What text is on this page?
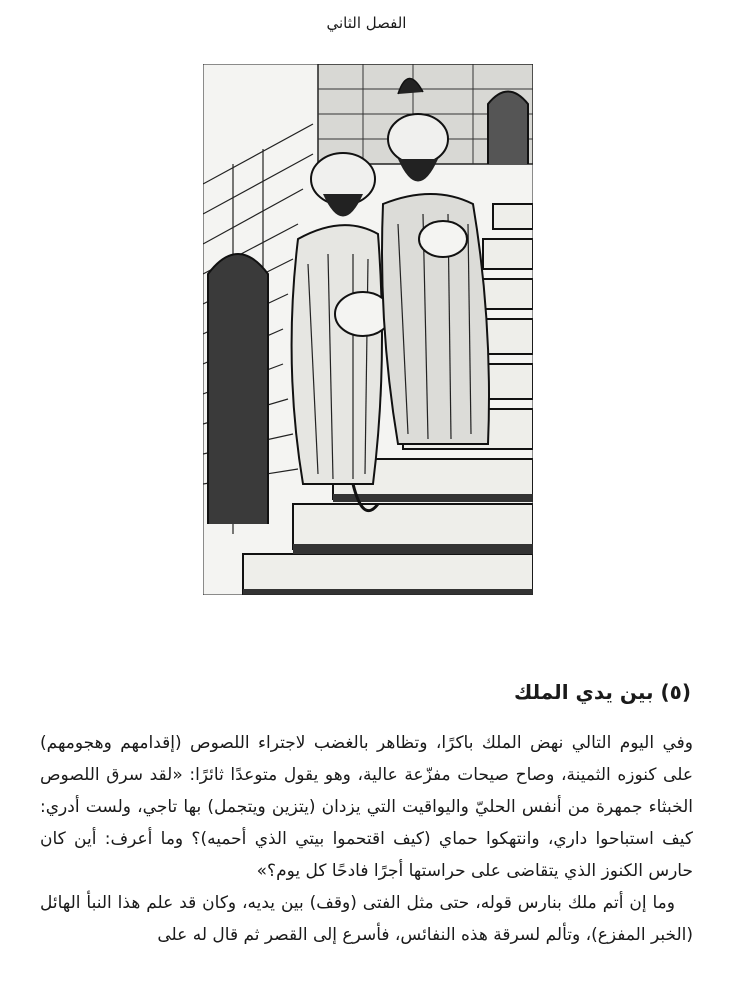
الفصل الثاني
(٥) بين يدي الملك

وفي اليوم التالي نهض الملك باكرًا، وتظاهر بالغضب لاجتراء اللصوص (إقدامهم وهجومهم) على كنوزه الثمينة، وصاح صيحات مفزّعة عالية، وهو يقول متوعدًا ثائرًا: «لقد سرق اللصوص الخبثاء جمهرة من أنفس الحليّ واليواقيت التي يزدان (يتزين ويتجمل) بها تاجي، ولست أدري: كيف استباحوا داري، وانتهكوا حماي (كيف اقتحموا بيتي الذي أحميه)؟ وما أعرف: أين كان حارس الكنوز الذي يتقاضى على حراستها أجرًا فادحًا كل يوم؟»

وما إن أتم ملك بنارس قوله، حتى مثل الفتى (وقف) بين يديه، وكان قد علم هذا النبأ الهائل (الخبر المفزع)، وتألم لسرقة هذه النفائس، فأسرع إلى القصر ثم قال له على
